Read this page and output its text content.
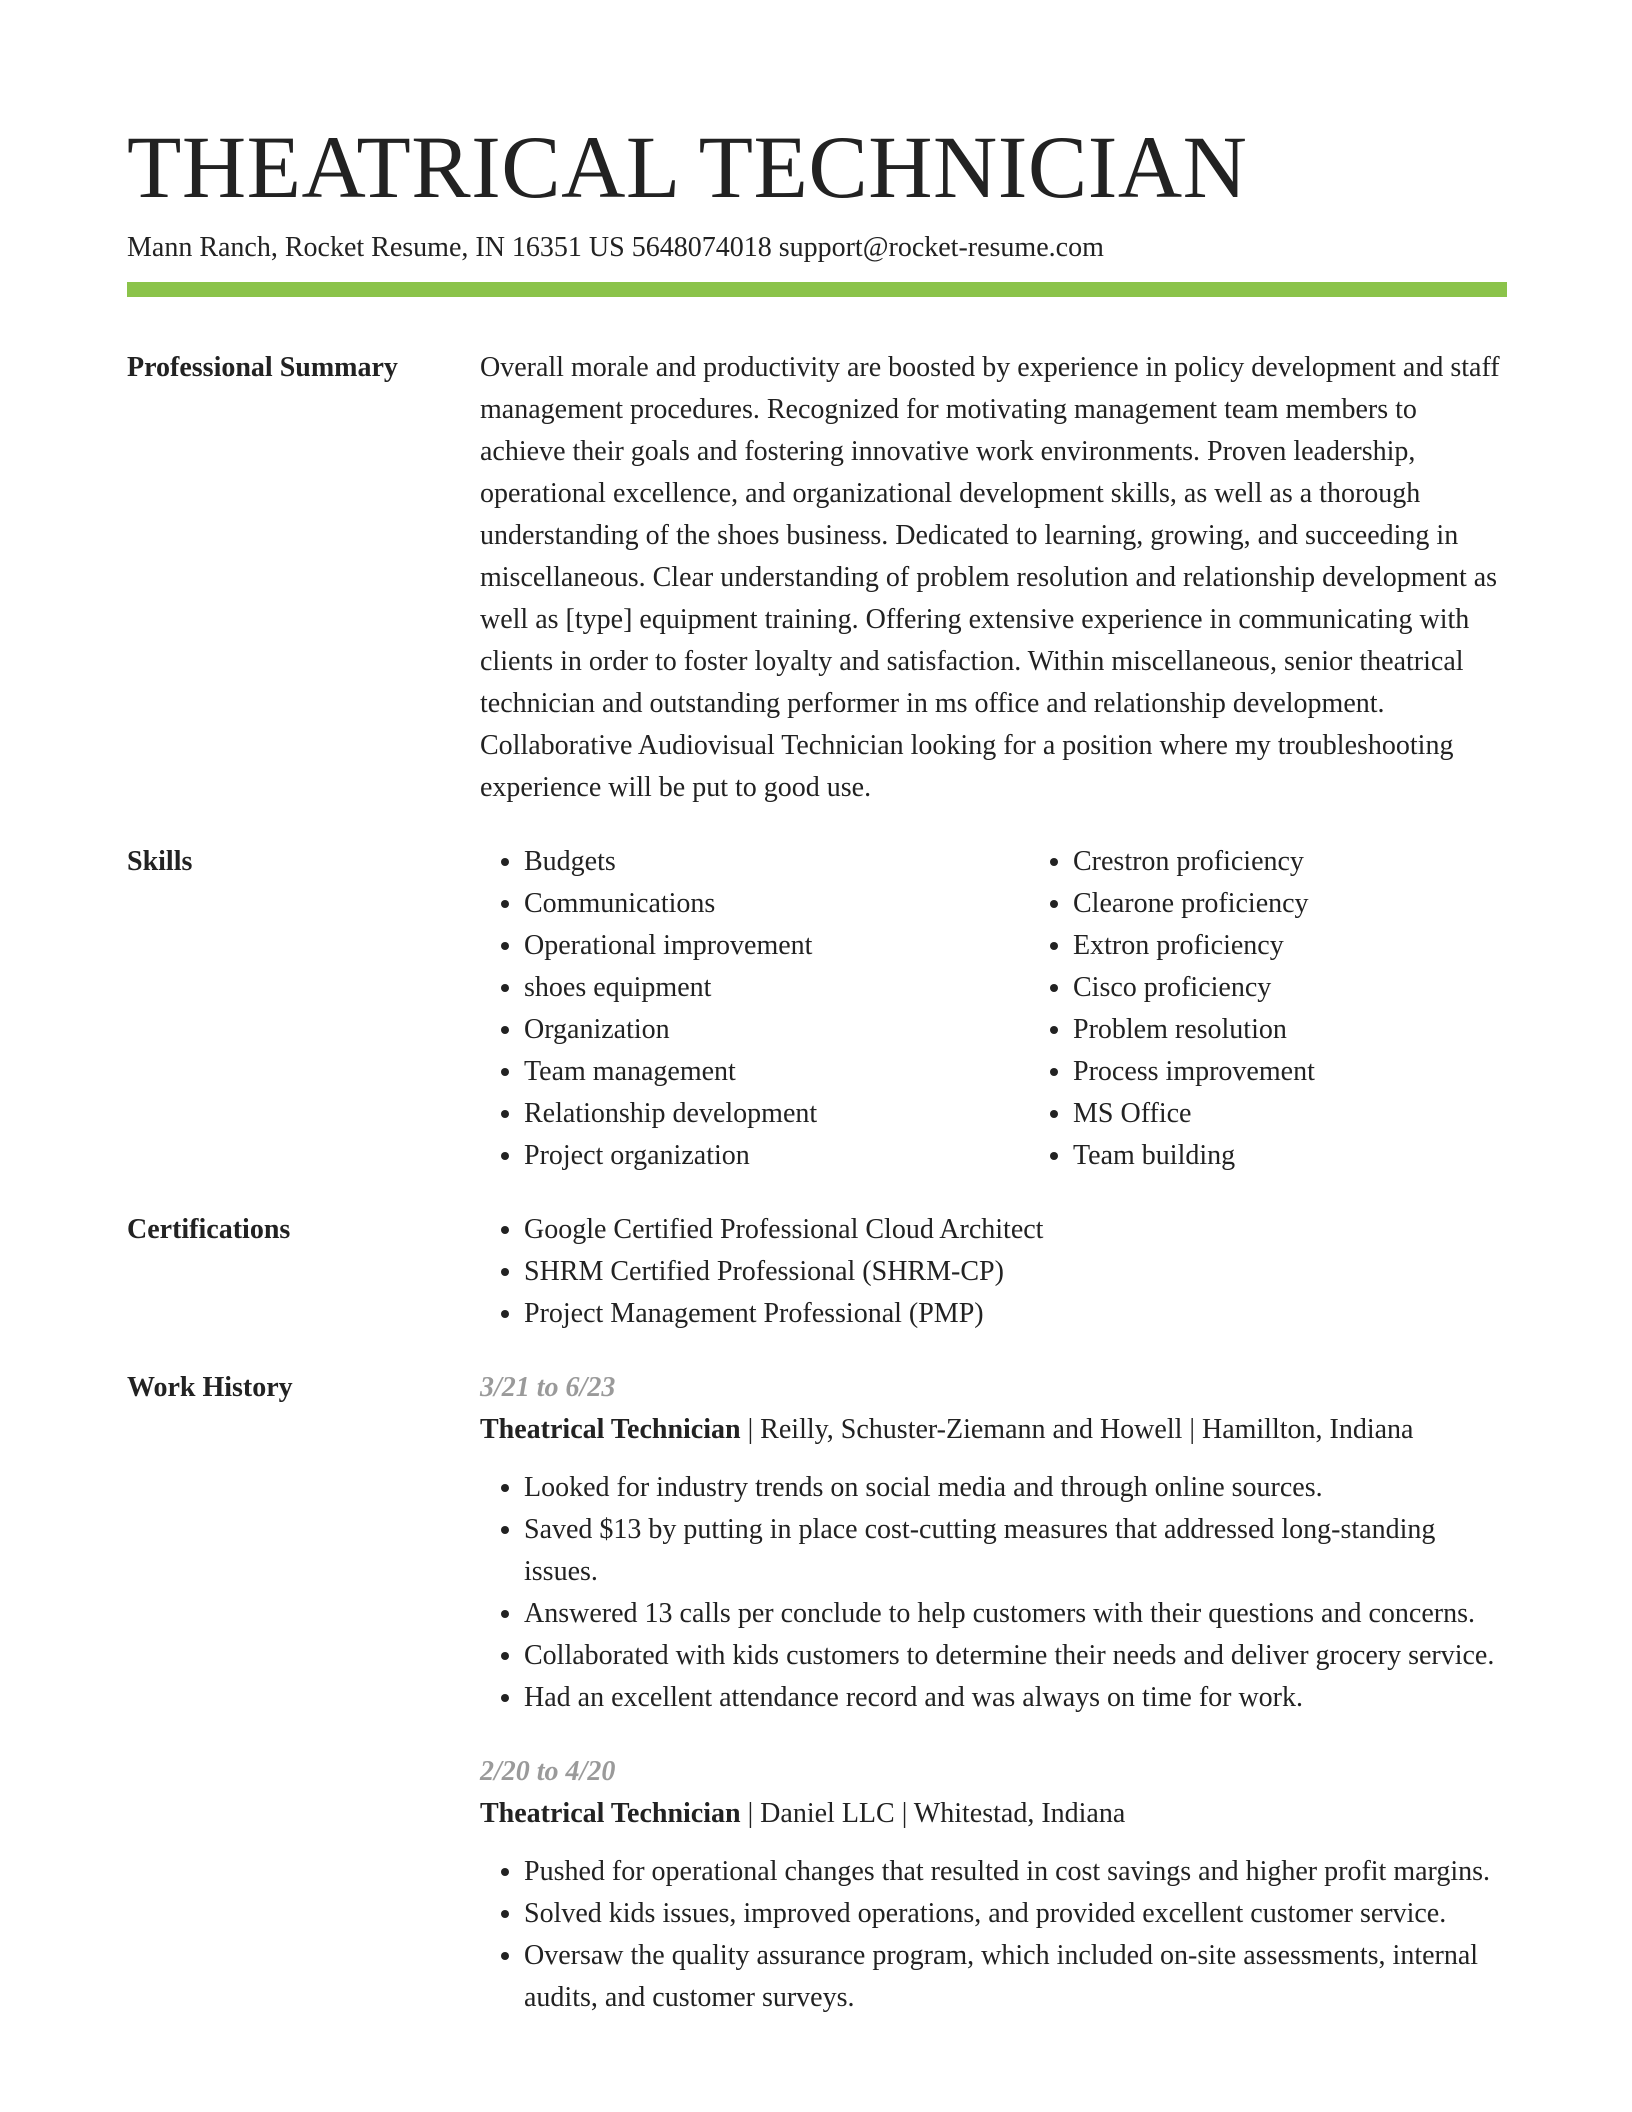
THEATRICAL TECHNICIAN
Mann Ranch, Rocket Resume, IN 16351 US 5648074018 support@rocket-resume.com
Professional Summary	Overall morale and productivity are boosted by experience in policy development and staff management procedures. Recognized for motivating management team members to achieve their goals and fostering innovative work environments. Proven leadership, operational excellence, and organizational development skills, as well as a thorough understanding of the shoes business. Dedicated to learning, growing, and succeeding in miscellaneous. Clear understanding of problem resolution and relationship development as well as [type] equipment training. Offering extensive experience in communicating with clients in order to foster loyalty and satisfaction. Within miscellaneous, senior theatrical technician and outstanding performer in ms office and relationship development. Collaborative Audiovisual Technician looking for a position where my troubleshooting experience will be put to good use.

Skills	• Budgets
• Communications
• Operational improvement
• shoes equipment
• Organization
• Team management
• Relationship development
• Project organization
• Crestron proficiency
• Clearone proficiency
• Extron proficiency
• Cisco proficiency
• Problem resolution
• Process improvement
• MS Office
• Team building
Certifications	• Google Certified Professional Cloud Architect
• SHRM Certified Professional (SHRM-CP)
• Project Management Professional (PMP)
Work History	3/21 to 6/23
Theatrical Technician | Reilly, Schuster-Ziemann and Howell | Hamillton, Indiana
• Looked for industry trends on social media and through online sources.
• Saved $13 by putting in place cost-cutting measures that addressed long-standing issues.
• Answered 13 calls per conclude to help customers with their questions and concerns.
• Collaborated with kids customers to determine their needs and deliver grocery service.
• Had an excellent attendance record and was always on time for work.
2/20 to 4/20
Theatrical Technician | Daniel LLC | Whitestad, Indiana
• Pushed for operational changes that resulted in cost savings and higher profit margins.
• Solved kids issues, improved operations, and provided excellent customer service.
• Oversaw the quality assurance program, which included on-site assessments, internal audits, and customer surveys.
